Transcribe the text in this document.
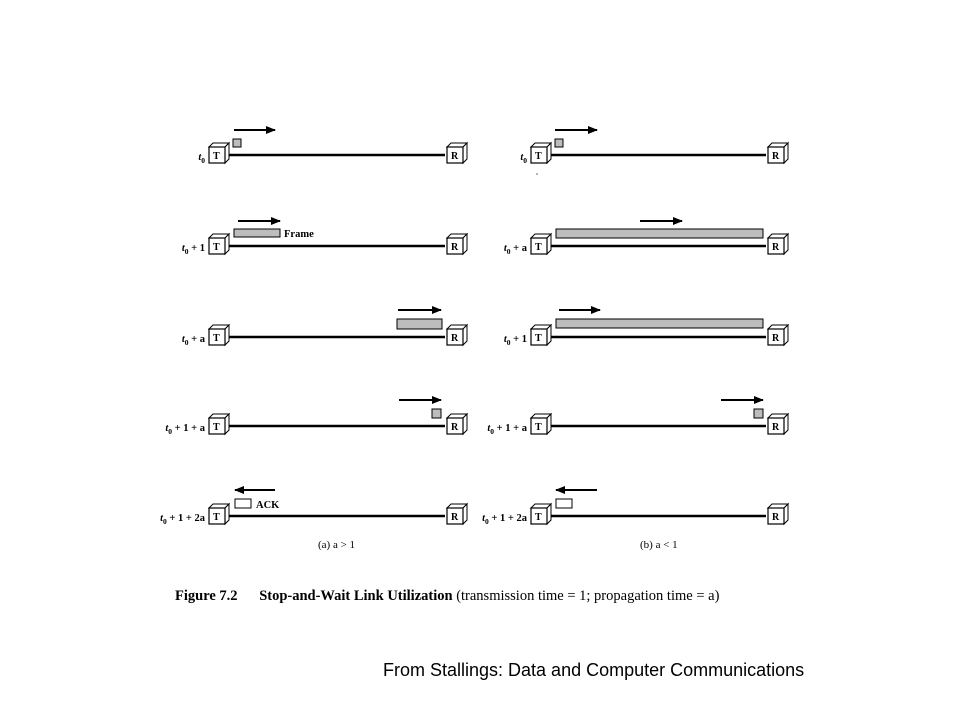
T	R
$t_0$
T	R
$t_0 + 1$
T	R
$t_0 + a$
T	R
$t_0 + 1 + a$
T	R
$t_0 + 1 + 2a$
T	R
$t_0$
T	R
$t_0 + a$
T	R
$t_0 + 1$
T	R
$t_0 + 1 + a$
T	R
$t_0 + 1 + 2a$
Frame
ACK
(a) a > 1	(b) a < 1
Figure 7.2 Stop-and-Wait Link Utilization (transmission time = 1; propagation time = a)
From Stallings: Data and Computer Communications
